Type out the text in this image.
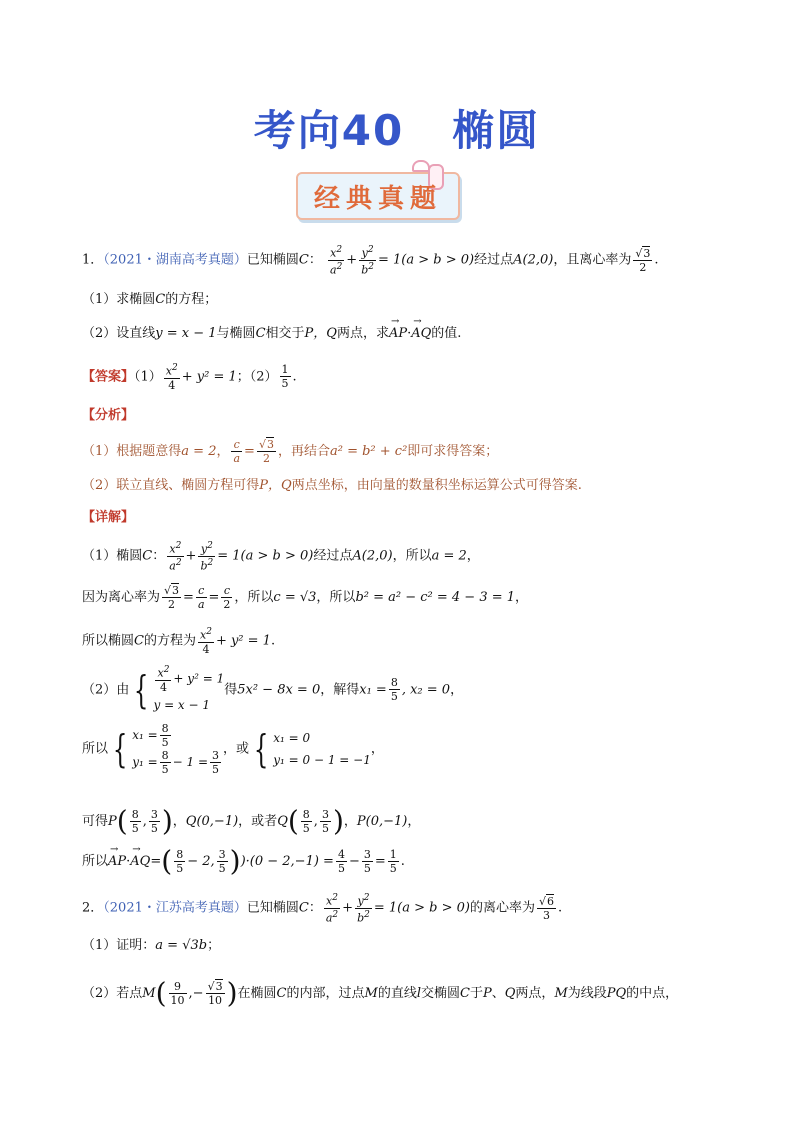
考向40 椭圆
经典真题
1．（2021・湖南高考真题）已知椭圆C： $\frac{x^2}{a^2} + \frac{y^2}{b^2} = 1(a > b > 0)$经过点A(2,0)，且离心率为 $\frac{√3}{2}$ .
（1）求椭圆C的方程；
（2）设直线y = x − 1与椭圆C相交于P，Q两点，求→ AP·→ AQ的值.
【答案】$(1) \frac{x^2}{4} + y^2 = 1$；$(2) \frac{1}{5}$ .
【分析】
（1）根据题意得a = 2， $\frac{c}{a} = \frac{√3}{2}$ ，再结合a² = b² + c²即可求得答案；
（2）联立直线、椭圆方程可得P，Q两点坐标，由向量的数量积坐标运算公式可得答案.
【详解】
（1）椭圆C： $\frac{x^2}{a^2} + \frac{y^2}{b^2} = 1(a > b > 0)$经过点A(2,0)，所以a = 2，
因为离心率为 $\frac{√3}{2} = \frac{c}{a} = \frac{c}{2}$ ，所以c = √3，所以b² = a² − c² = 4 − 3 = 1，
所以椭圆C的方程为 $\frac{x^2}{4} + y^2 = 1$.
（2）由 { $\frac{x^2}{4} + y^2 = 1$
y = x − 1
得5x² − 8x = 0，解得$x_1 = \frac{8}{5}$ , x₂ = 0，
所以 { $x_1 = \frac{8}{5}$
$y_1 = \frac{8}{5} - 1 = \frac{3}{5}$ ，或 { x₁ = 0
y₁ = 0 − 1 = −1
，
可得$P( \frac{8}{5}$ , $\frac{3}{5}$ )，Q(0,−1)，或者$Q( \frac{8}{5}$ , $\frac{3}{5}$ )，P(0,−1)，
所以→ $AP\cdot\to AQ=( \frac{8}{5} - 2$, $\frac{3}{5} ))\cdot(0 - 2,-1) = \frac{4}{5} - \frac{3}{5} = \frac{1}{5}$ .
2．（2021・江苏高考真题）已知椭圆C： $\frac{x^2}{a^2} + \frac{y^2}{b^2} = 1(a > b > 0)$的离心率为 $\frac{√6}{3}$ .
（1）证明：a = √3b；
（2）若点$M( \frac{9}{10}$ ,− $\frac{√3}{10}$ )在椭圆C的内部，过点M的直线l交椭圆C于P、Q两点，M为线段PQ的中点，
